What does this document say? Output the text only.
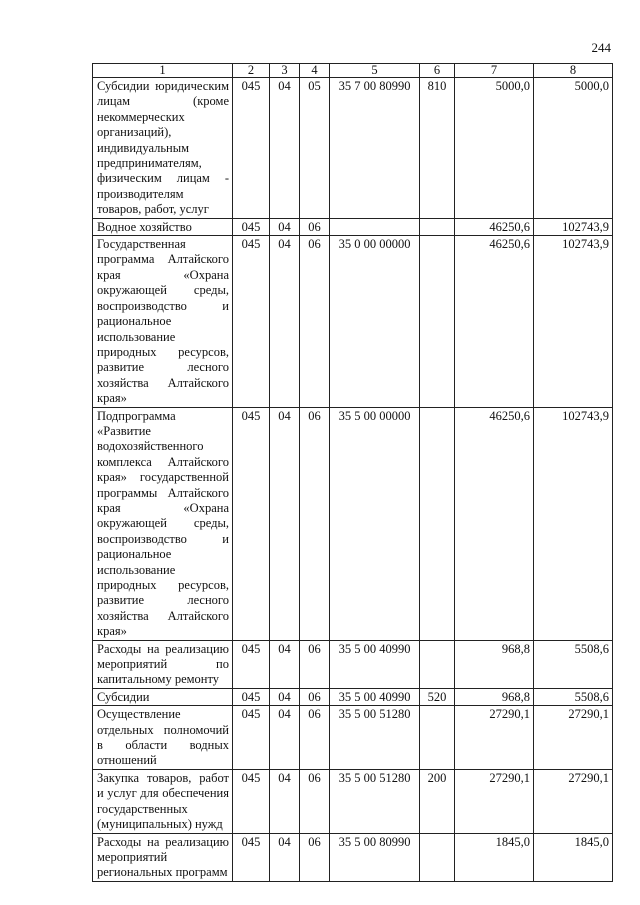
244
1	2	3	4	5	6	7	8
Субсидии юридическим лицам (кроме некоммерческих организаций), индивидуальным предпринимателям, физическим лицам - производителям товаров, работ, услуг	045	04	05	35 7 00 80990	810	5000,0	5000,0
Водное хозяйство	045	04	06			46250,6	102743,9
Государственная программа Алтайского края «Охрана окружающей среды, воспроизводство и рациональное использование природных ресурсов, развитие лесного хозяйства Алтайского края»	045	04	06	35 0 00 00000		46250,6	102743,9
Подпрограмма «Развитие водохозяйственного комплекса Алтайского края» государственной программы Алтайского края «Охрана окружающей среды, воспроизводство и рациональное использование природных ресурсов, развитие лесного хозяйства Алтайского края»	045	04	06	35 5 00 00000		46250,6	102743,9
Расходы на реализацию мероприятий по капитальному ремонту	045	04	06	35 5 00 40990		968,8	5508,6
Субсидии	045	04	06	35 5 00 40990	520	968,8	5508,6
Осуществление отдельных полномочий в области водных отношений	045	04	06	35 5 00 51280		27290,1	27290,1
Закупка товаров, работ и услуг для обеспечения государственных (муниципальных) нужд	045	04	06	35 5 00 51280	200	27290,1	27290,1
Расходы на реализацию мероприятий региональных программ	045	04	06	35 5 00 80990		1845,0	1845,0
